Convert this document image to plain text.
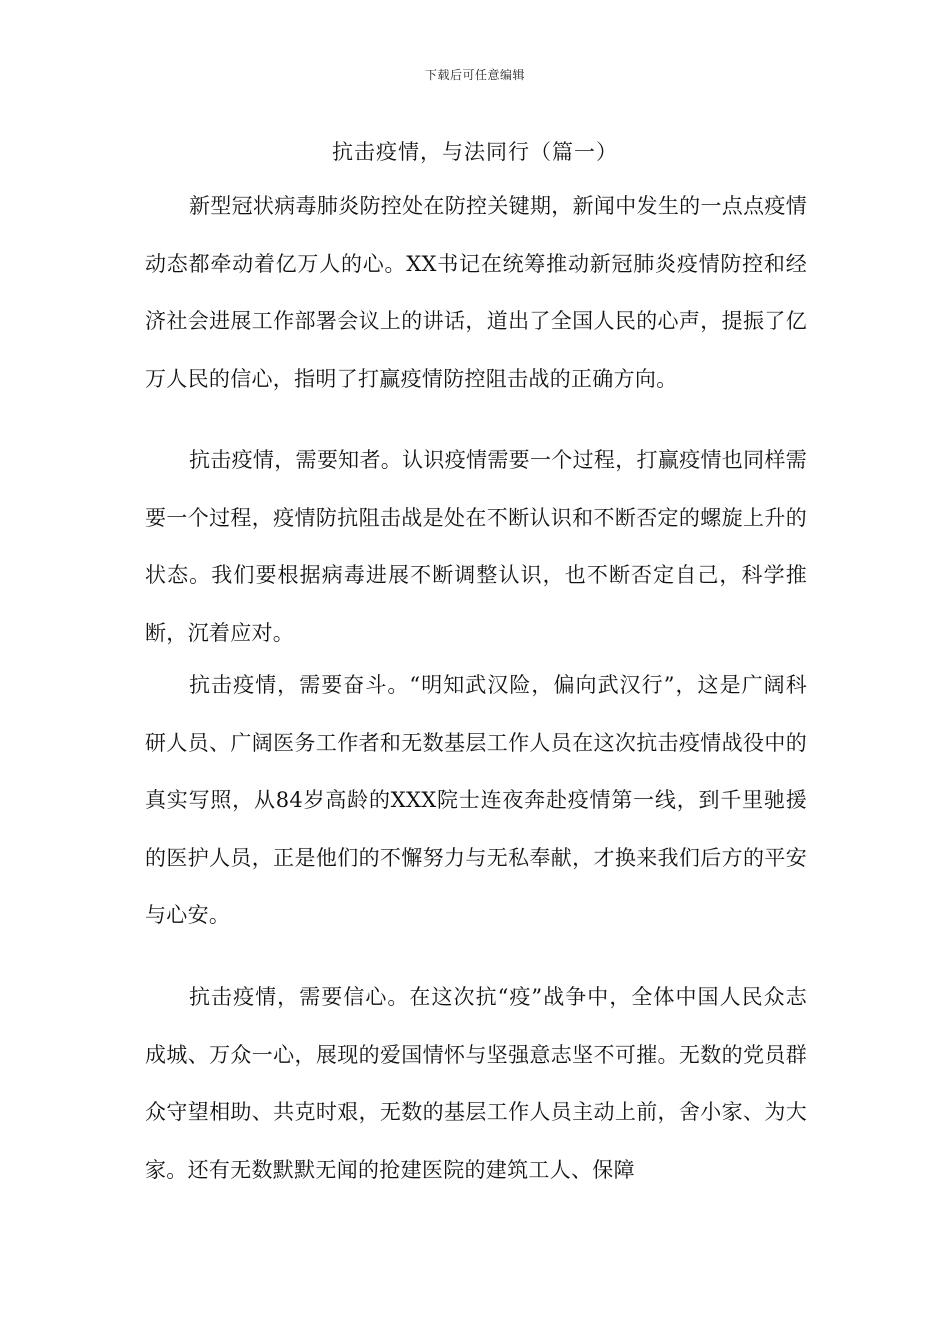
下载后可任意编辑
抗击疫情，与法同行（篇一）

新型冠状病毒肺炎防控处在防控关键期，新闻中发生的一点点疫情动态都牵动着亿万人的心。XX书记在统筹推动新冠肺炎疫情防控和经济社会进展工作部署会议上的讲话，道出了全国人民的心声，提振了亿万人民的信心，指明了打赢疫情防控阻击战的正确方向。

抗击疫情，需要知者。认识疫情需要一个过程，打赢疫情也同样需要一个过程，疫情防抗阻击战是处在不断认识和不断否定的螺旋上升的状态。我们要根据病毒进展不断调整认识，也不断否定自己，科学推断，沉着应对。

抗击疫情，需要奋斗。“明知武汉险，偏向武汉行”，这是广阔科研人员、广阔医务工作者和无数基层工作人员在这次抗击疫情战役中的真实写照，从84岁高龄的XXX院士连夜奔赴疫情第一线，到千里驰援的医护人员，正是他们的不懈努力与无私奉献，才换来我们后方的平安与心安。

抗击疫情，需要信心。在这次抗“疫”战争中，全体中国人民众志成城、万众一心，展现的爱国情怀与坚强意志坚不可摧。无数的党员群众守望相助、共克时艰，无数的基层工作人员主动上前，舍小家、为大家。还有无数默默无闻的抢建医院的建筑工人、保障
